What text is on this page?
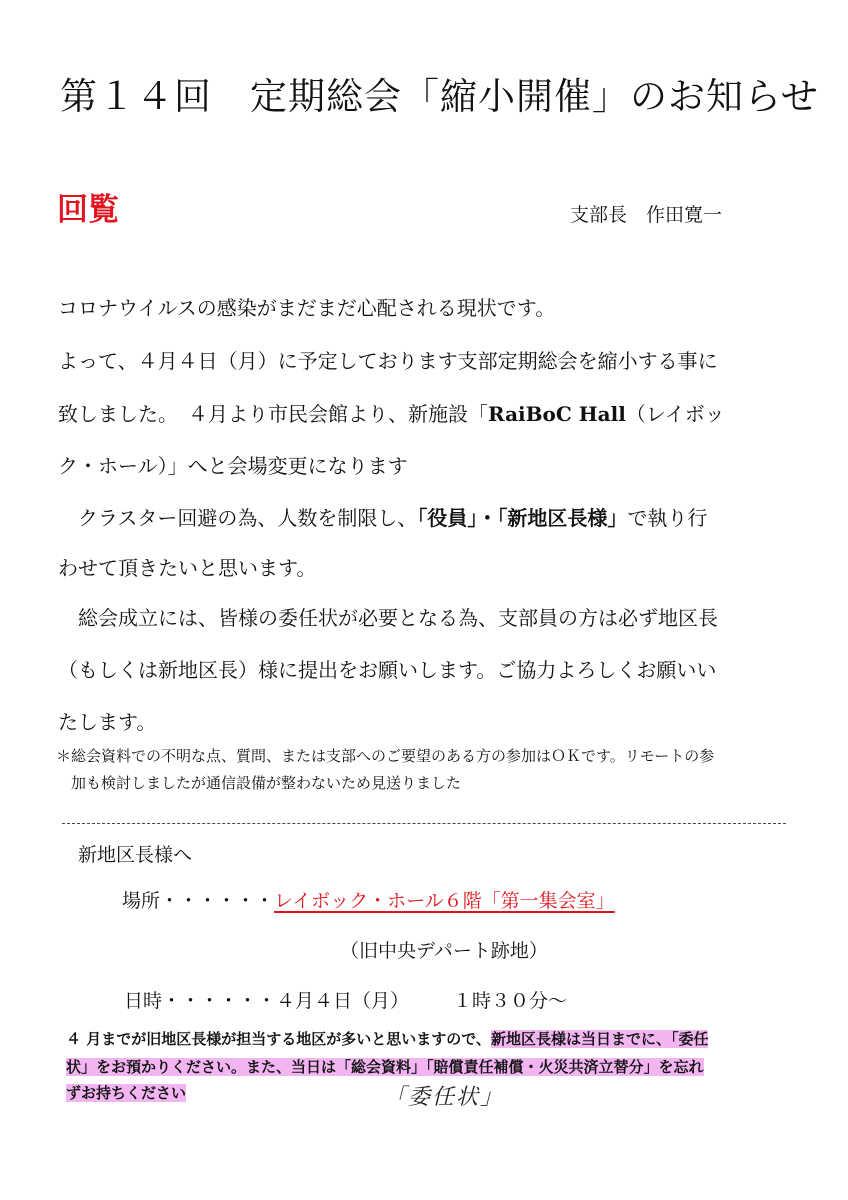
第１４回　定期総会「縮小開催」のお知らせ
回覧	支部長　作田寛一
コロナウイルスの感染がまだまだ心配される現状です。
よって、４月４日（月）に予定しております支部定期総会を縮小する事に
致しました。　４月より市民会館より、新施設「RaiBoC Hall（レイボッ
ク・ホール）」へと会場変更になります
　クラスター回避の為、人数を制限し、「役員」・「新地区長様」で執り行
わせて頂きたいと思います。
　総会成立には、皆様の委任状が必要となる為、支部員の方は必ず地区長
（もしくは新地区長）様に提出をお願いします。ご協力よろしくお願いい
たします。
＊総会資料での不明な点、質問、または支部へのご要望のある方の参加はＯＫです。リモートの参
　加も検討しましたが通信設備が整わないため見送りました
新地区長様へ
場所・・・・・・レイボック・ホール６階「第一集会室」
（旧中央デパート跡地）
日時・・・・・・４月４日（月） １時３０分～
４ 月までが旧地区長様が担当する地区が多いと思いますので、新地区長様は当日までに、「委任
状」をお預かりください。また、当日は「総会資料」「賠償責任補償・火災共済立替分」を忘れ
ずお持ちください	「委任状」
